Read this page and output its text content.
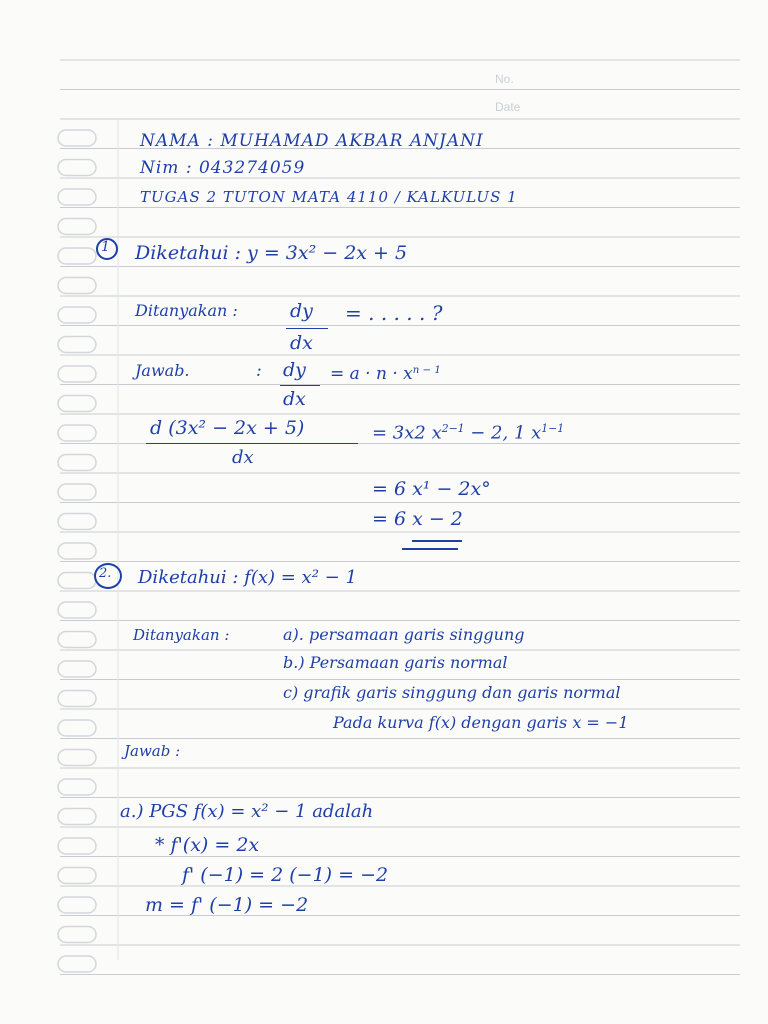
No.
Date
NAMA : MUHAMAD AKBAR ANJANI
Nim : 043274059
TUGAS 2 TUTON MATA 4110 / KALKULUS 1
1 Diketahui : y = 3x² − 2x + 5
Ditanyakan :	dy
dx
= . . . . . ?
Jawab.	: dy
dx
= $a \cdot n \cdot x^{n - 1}$
d (3x² − 2x + 5)
dx
= 3x2 $x^{2-1} - 2$, 1 $x^{1-1}$
= 6 x¹ − 2x°
= 6 x − 2
2. Diketahui : f(x) = x² − 1
Ditanyakan :	a). persamaan garis singgung
b.) Persamaan garis normal
c) grafik garis singgung dan garis normal
Pada kurva f(x) dengan garis x = −1
Jawab :
a.) PGS f(x) = x² − 1 adalah
* f'(x) = 2x
f' (−1) = 2 (−1) = −2
m = f' (−1) = −2
